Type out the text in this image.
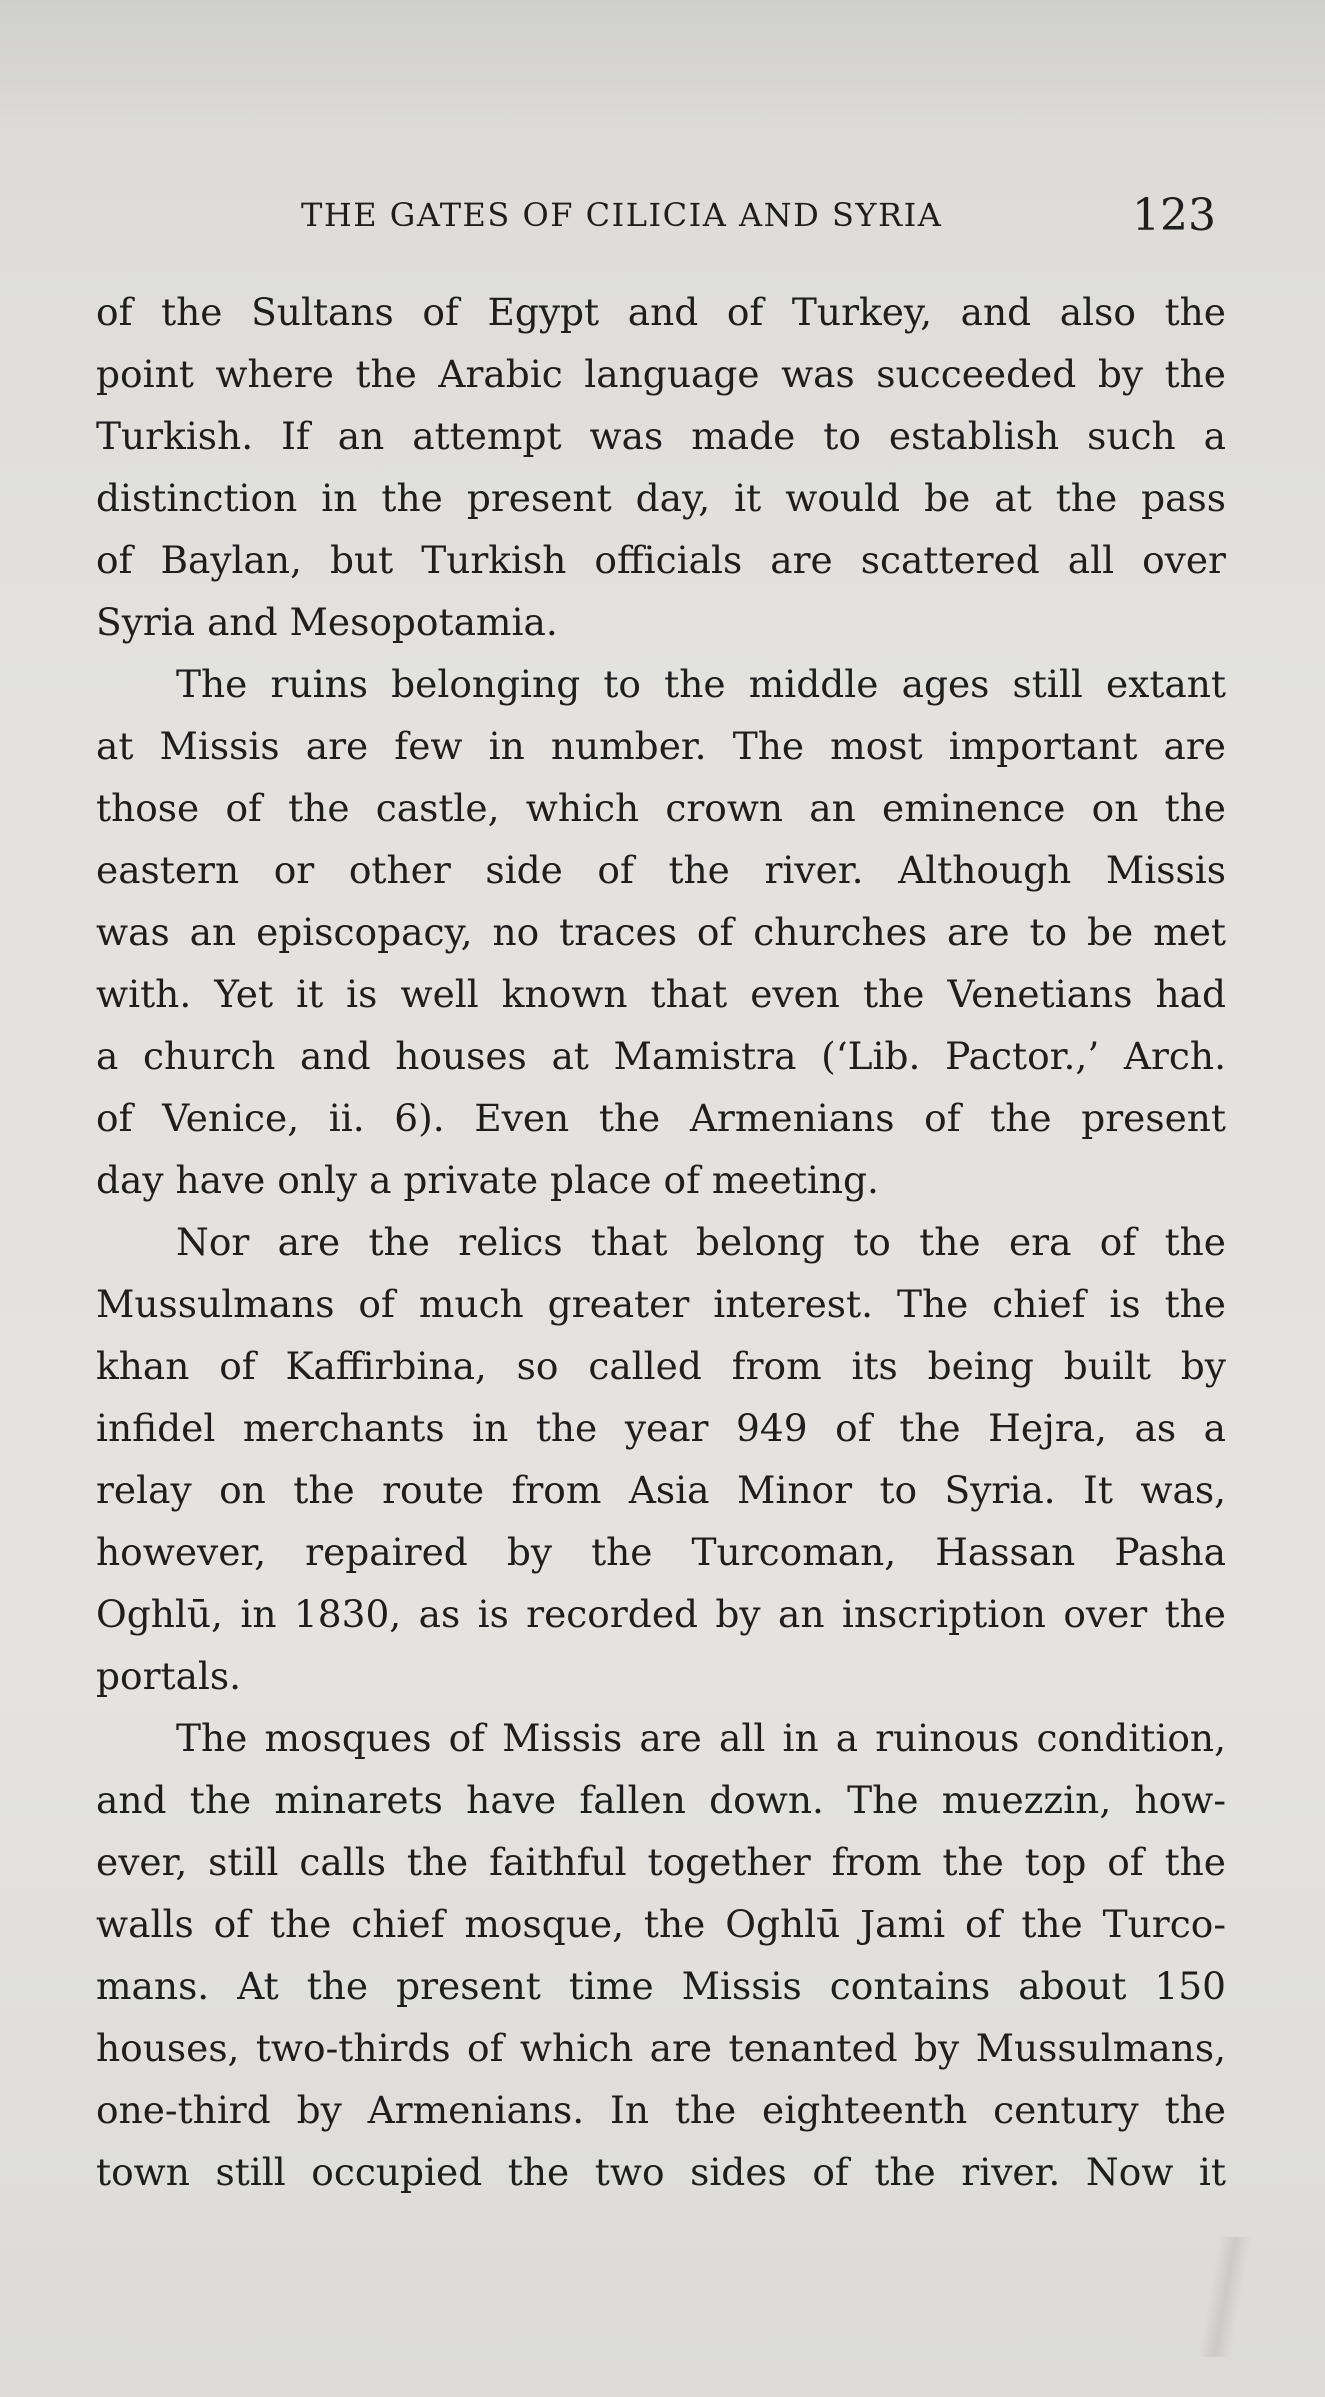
THE GATES OF CILICIA AND SYRIA	123
of the Sultans of Egypt and of Turkey, and also the
point where the Arabic language was succeeded by the
Turkish. If an attempt was made to establish such a
distinction in the present day, it would be at the pass
of Baylan, but Turkish officials are scattered all over
Syria and Mesopotamia.
The ruins belonging to the middle ages still extant
at Missis are few in number. The most important are
those of the castle, which crown an eminence on the
eastern or other side of the river. Although Missis
was an episcopacy, no traces of churches are to be met
with. Yet it is well known that even the Venetians had
a church and houses at Mamistra (‘Lib. Pactor.,’ Arch.
of Venice, ii. 6). Even the Armenians of the present
day have only a private place of meeting.
Nor are the relics that belong to the era of the
Mussulmans of much greater interest. The chief is the
khan of Kaffirbina, so called from its being built by
infidel merchants in the year 949 of the Hejra, as a
relay on the route from Asia Minor to Syria. It was,
however, repaired by the Turcoman, Hassan Pasha
Oghlū, in 1830, as is recorded by an inscription over the
portals.
The mosques of Missis are all in a ruinous condition,
and the minarets have fallen down. The muezzin, how-
ever, still calls the faithful together from the top of the
walls of the chief mosque, the Oghlū Jami of the Turco-
mans. At the present time Missis contains about 150
houses, two-thirds of which are tenanted by Mussulmans,
one-third by Armenians. In the eighteenth century the
town still occupied the two sides of the river. Now it
